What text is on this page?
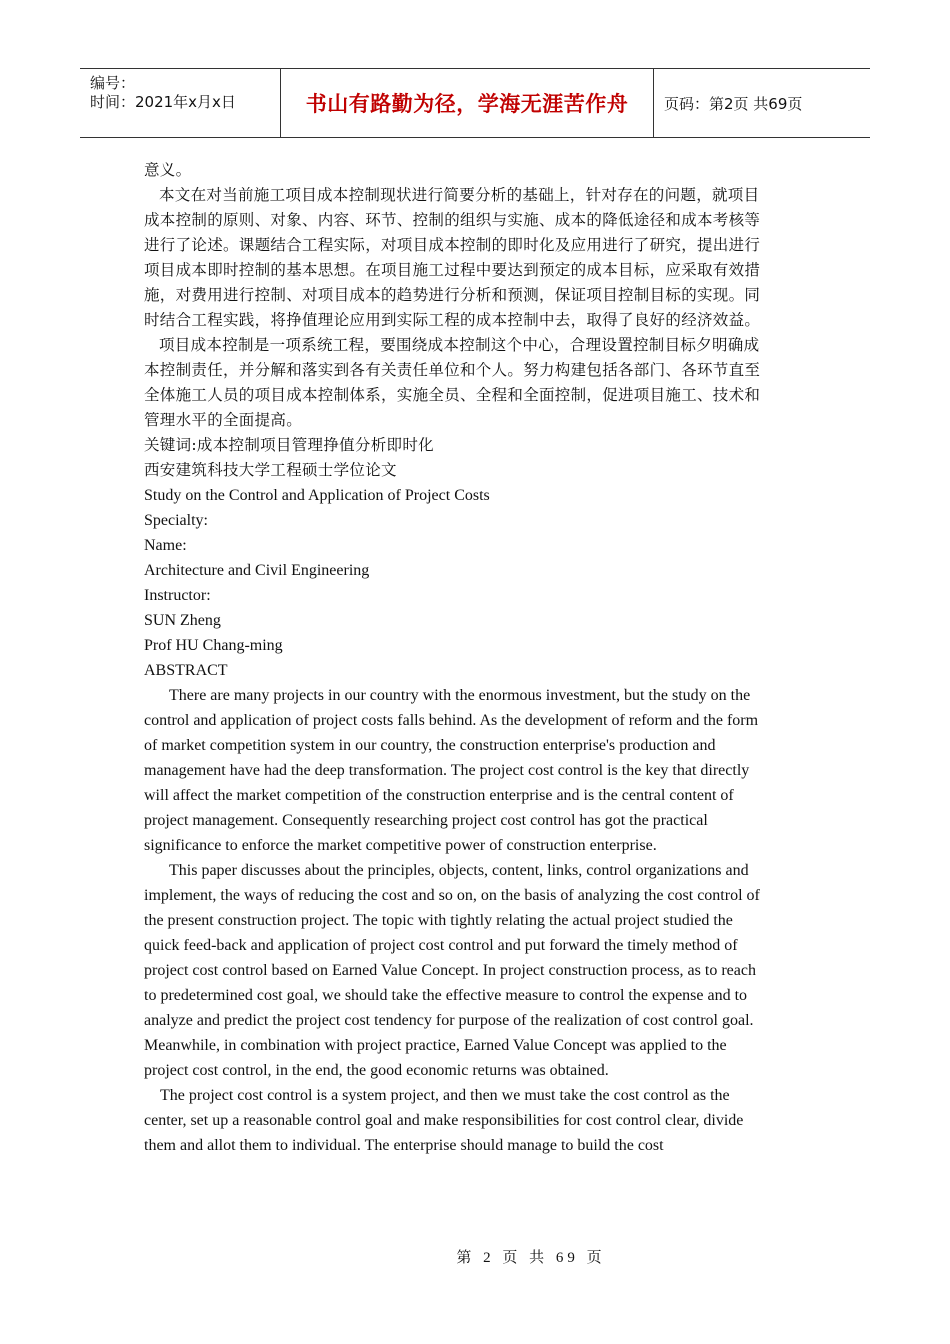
编号：
时间：2021年x月x日	书山有路勤为径，学海无涯苦作舟 页码：第2页 共69页

意义。

本文在对当前施工项目成本控制现状进行简要分析的基础上，针对存在的问题，就项目成本控制的原则、对象、内容、环节、控制的组织与实施、成本的降低途径和成本考核等进行了论述。课题结合工程实际，对项目成本控制的即时化及应用进行了研究，提出进行项目成本即时控制的基本思想。在项目施工过程中要达到预定的成本目标，应采取有效措施，对费用进行控制、对项目成本的趋势进行分析和预测，保证项目控制目标的实现。同时结合工程实践，将挣值理论应用到实际工程的成本控制中去，取得了良好的经济效益。

项目成本控制是一项系统工程，要围绕成本控制这个中心，合理设置控制目标夕明确成本控制责任，并分解和落实到各有关责任单位和个人。努力构建包括各部门、各环节直至全体施工人员的项目成本控制体系，实施全员、全程和全面控制，促进项目施工、技术和管理水平的全面提高。

关键词:成本控制项目管理挣值分析即时化

西安建筑科技大学工程硕士学位论文

Study on the Control and Application of Project Costs

Specialty:

Name:

Architecture and Civil Engineering

Instructor:

SUN Zheng

Prof HU Chang-ming

ABSTRACT

There are many projects in our country with the enormous investment, but the study on the control and application of project costs falls behind. As the development of reform and the form of market competition system in our country, the construction enterprise's production and management have had the deep transformation. The project cost control is the key that directly will affect the market competition of the construction enterprise and is the central content of project management. Consequently researching project cost control has got the practical significance to enforce the market competitive power of construction enterprise.

This paper discusses about the principles, objects, content, links, control organizations and implement, the ways of reducing the cost and so on, on the basis of analyzing the cost control of the present construction project. The topic with tightly relating the actual project studied the quick feed-back and application of project cost control and put forward the timely method of project cost control based on Earned Value Concept. In project construction process, as to reach to predetermined cost goal, we should take the effective measure to control the expense and to analyze and predict the project cost tendency for purpose of the realization of cost control goal. Meanwhile, in combination with project practice, Earned Value Concept was applied to the project cost control, in the end, the good economic returns was obtained.

The project cost control is a system project, and then we must take the cost control as the center, set up a reasonable control goal and make responsibilities for cost control clear, divide them and allot them to individual. The enterprise should manage to build the cost

第 2 页 共 69 页
